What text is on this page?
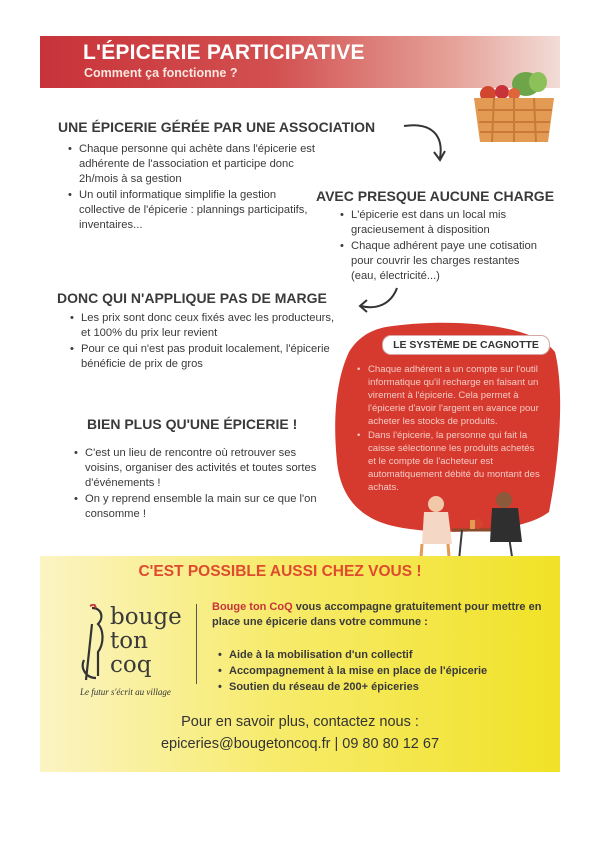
L'ÉPICERIE PARTICIPATIVE
Comment ça fonctionne ?
UNE ÉPICERIE GÉRÉE PAR UNE ASSOCIATION
• Chaque personne qui achète dans l'épicerie est adhérente de l'association et participe donc 2h/mois à sa gestion
• Un outil informatique simplifie la gestion collective de l'épicerie : plannings participatifs, inventaires...
AVEC PRESQUE AUCUNE CHARGE
• L'épicerie est dans un local mis gracieusement à disposition
• Chaque adhérent paye une cotisation pour couvrir les charges restantes (eau, électricité...)
DONC QUI N'APPLIQUE PAS DE MARGE
• Les prix sont donc ceux fixés avec les producteurs, et 100% du prix leur revient
• Pour ce qui n'est pas produit localement, l'épicerie bénéficie de prix de gros
LE SYSTÈME DE CAGNOTTE
• Chaque adhérent a un compte sur l'outil informatique qu'il recharge en faisant un virement à l'épicerie. Cela permet à l'épicerie d'avoir l'argent en avance pour acheter les stocks de produits.
• Dans l'épicerie, la personne qui fait la caisse sélectionne les produits achetés et le compte de l'acheteur est automatiquement débité du montant des achats.
BIEN PLUS QU'UNE ÉPICERIE !
• C'est un lieu de rencontre où retrouver ses voisins, organiser des activités et toutes sortes d'événements !
• On y reprend ensemble la main sur ce que l'on consomme !
C'EST POSSIBLE AUSSI CHEZ VOUS !
bouge
ton
coq
Le futur s'écrit au village
Bouge ton CoQ vous accompagne gratuitement pour mettre en place une épicerie dans votre commune :
• Aide à la mobilisation d'un collectif
• Accompagnement à la mise en place de l'épicerie
• Soutien du réseau de 200+ épiceries
Pour en savoir plus, contactez nous :
epiceries@bougetoncoq.fr | 09 80 80 12 67
